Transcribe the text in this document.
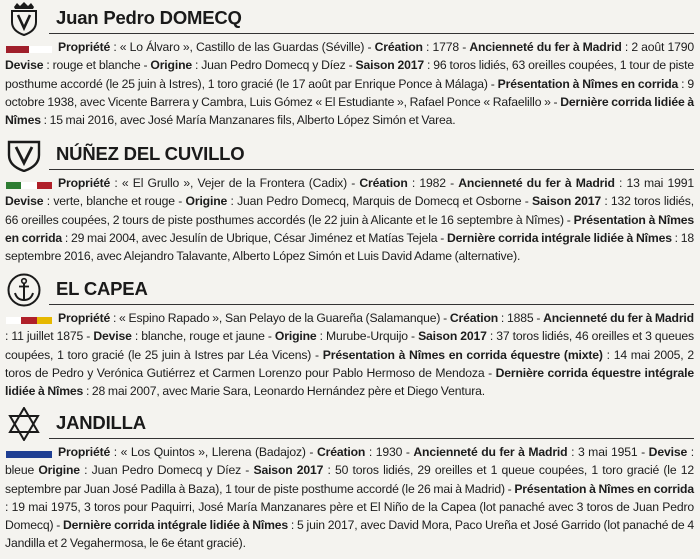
Juan Pedro DOMECQ
Propriété : « Lo Álvaro », Castillo de las Guardas (Séville) - Création : 1778 - Ancienneté du fer à Madrid : 2 août 1790 Devise : rouge et blanche - Origine : Juan Pedro Domecq y Díez - Saison 2017 : 96 toros lidiés, 63 oreilles coupées, 1 tour de piste posthume accordé (le 25 juin à Istres), 1 toro gracié (le 17 août par Enrique Ponce à Málaga) - Présentation à Nîmes en corrida : 9 octobre 1938, avec Vicente Barrera y Cambra, Luis Gómez « El Estudiante », Rafael Ponce « Rafaelillo » - Dernière corrida lidiée à Nîmes : 15 mai 2016, avec José María Manzanares fils, Alberto López Simón et Varea.
NÚÑEZ DEL CUVILLO
Propriété : « El Grullo », Vejer de la Frontera (Cadix) - Création : 1982 - Ancienneté du fer à Madrid : 13 mai 1991 Devise : verte, blanche et rouge - Origine : Juan Pedro Domecq, Marquis de Domecq et Osborne - Saison 2017 : 132 toros lidiés, 66 oreilles coupées, 2 tours de piste posthumes accordés (le 22 juin à Alicante et le 16 septembre à Nîmes) - Présentation à Nîmes en corrida : 29 mai 2004, avec Jesulín de Ubrique, César Jiménez et Matías Tejela - Dernière corrida intégrale lidiée à Nîmes : 18 septembre 2016, avec Alejandro Talavante, Alberto López Simón et Luis David Adame (alternative).
EL CAPEA
Propriété : « Espino Rapado », San Pelayo de la Guareña (Salamanque) - Création : 1885 - Ancienneté du fer à Madrid : 11 juillet 1875 - Devise : blanche, rouge et jaune - Origine : Murube-Urquijo - Saison 2017 : 37 toros lidiés, 46 oreilles et 3 queues coupées, 1 toro gracié (le 25 juin à Istres par Léa Vicens) - Présentation à Nîmes en corrida équestre (mixte) : 14 mai 2005, 2 toros de Pedro y Verónica Gutiérrez et Carmen Lorenzo pour Pablo Hermoso de Mendoza - Dernière corrida équestre intégrale lidiée à Nîmes : 28 mai 2007, avec Marie Sara, Leonardo Hernández père et Diego Ventura.
JANDILLA
Propriété : « Los Quintos », Llerena (Badajoz) - Création : 1930 - Ancienneté du fer à Madrid : 3 mai 1951 - Devise : bleue Origine : Juan Pedro Domecq y Díez - Saison 2017 : 50 toros lidiés, 29 oreilles et 1 queue coupées, 1 toro gracié (le 12 septembre par Juan José Padilla à Baza), 1 tour de piste posthume accordé (le 26 mai à Madrid) - Présentation à Nîmes en corrida : 19 mai 1975, 3 toros pour Paquirri, José María Manzanares père et El Niño de la Capea (lot panaché avec 3 toros de Juan Pedro Domecq) - Dernière corrida intégrale lidiée à Nîmes : 5 juin 2017, avec David Mora, Paco Ureña et José Garrido (lot panaché de 4 Jandilla et 2 Vegahermosa, le 6e étant gracié).
